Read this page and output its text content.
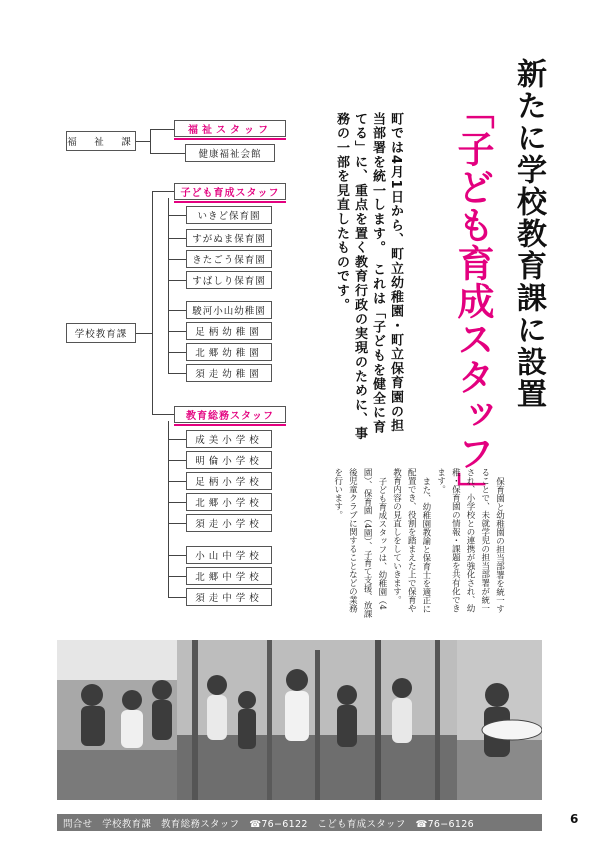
新たに学校教育課に設置
「子ども育成スタッフ」
町では4月1日から、町立幼稚園・町立保育園の担当部署を統一します。　これは「子どもを健全に育てる」に、重点を置く教育行政の実現のために、事務の一部を見直したものです。

保育園と幼稚園の担当部署を統一することで、未就学児の担当部署が統一され、小学校との連携が強化され、幼稚・保育園の情報・課題を共有化できます。

また、幼稚園教諭と保育士を適正に配置でき、役割を踏まえた上で保育や教育内容の見直しをしていきます。

子ども育成スタッフは、幼稚園（4園）、保育園（4園）、子育て支援、放課後児童クラブに関することなどの業務を行います。

福　祉　課
福祉スタッフ
健康福祉会館
学校教育課
子ども育成スタッフ
いきど保育園
すがぬま保育園
きたごう保育園
すばしり保育園
駿河小山幼稚園
足柄幼稚園
北郷幼稚園
須走幼稚園
教育総務スタッフ
成美小学校
明倫小学校
足柄小学校
北郷小学校
須走小学校
小山中学校
北郷中学校
須走中学校
問合せ　学校教育課　教育総務スタッフ　☎76−6122　こども育成スタッフ　☎76−6126	6
